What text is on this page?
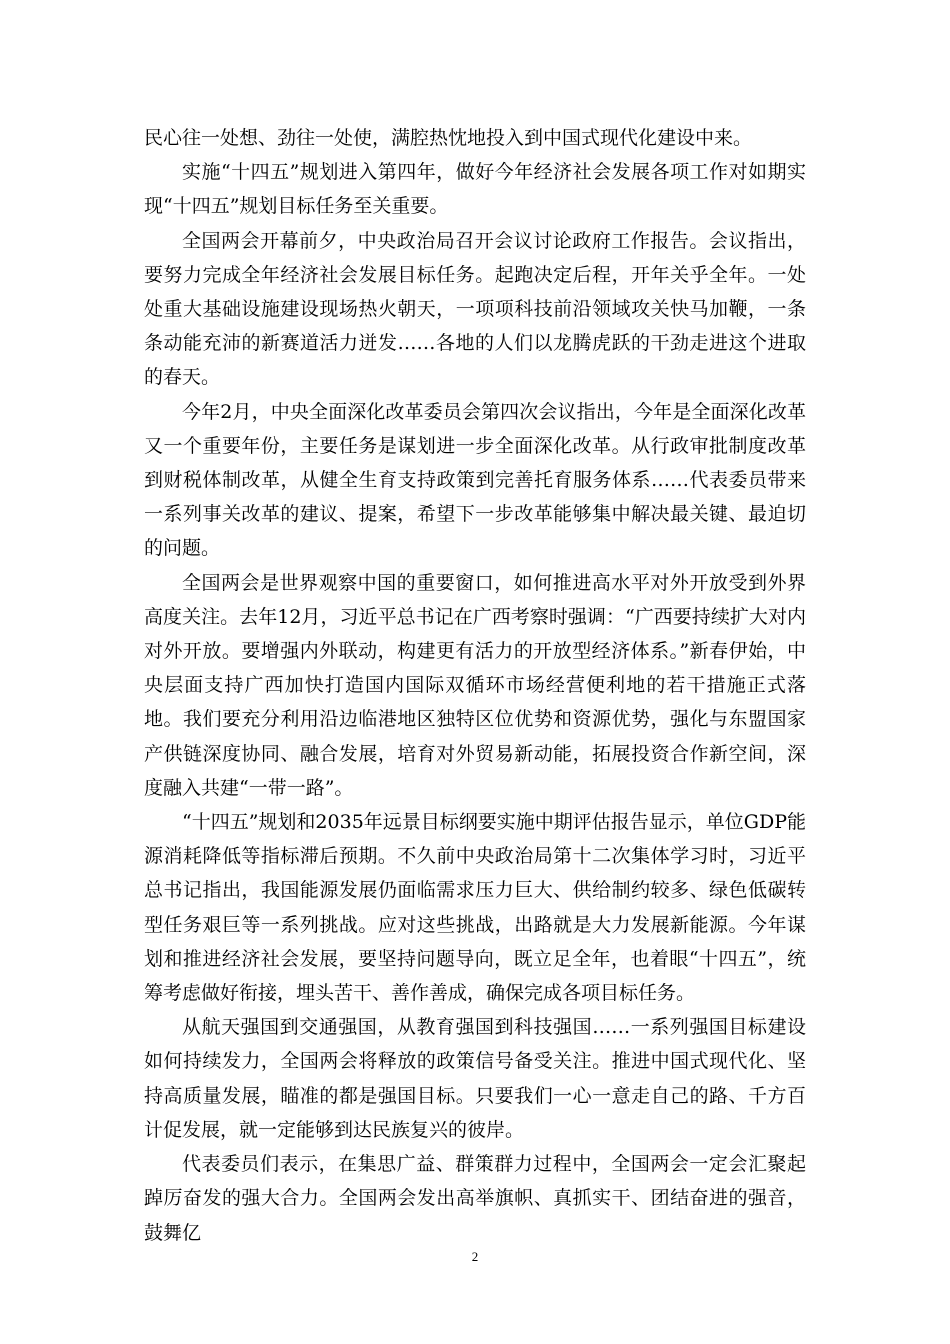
民心往一处想、劲往一处使，满腔热忱地投入到中国式现代化建设中来。

实施“十四五”规划进入第四年，做好今年经济社会发展各项工作对如期实现“十四五”规划目标任务至关重要。

全国两会开幕前夕，中央政治局召开会议讨论政府工作报告。会议指出，要努力完成全年经济社会发展目标任务。起跑决定后程，开年关乎全年。一处处重大基础设施建设现场热火朝天，一项项科技前沿领域攻关快马加鞭，一条条动能充沛的新赛道活力迸发……各地的人们以龙腾虎跃的干劲走进这个进取的春天。

今年2月，中央全面深化改革委员会第四次会议指出，今年是全面深化改革又一个重要年份，主要任务是谋划进一步全面深化改革。从行政审批制度改革到财税体制改革，从健全生育支持政策到完善托育服务体系……代表委员带来一系列事关改革的建议、提案，希望下一步改革能够集中解决最关键、最迫切的问题。

全国两会是世界观察中国的重要窗口，如何推进高水平对外开放受到外界高度关注。去年12月，习近平总书记在广西考察时强调：“广西要持续扩大对内对外开放。要增强内外联动，构建更有活力的开放型经济体系。”新春伊始，中央层面支持广西加快打造国内国际双循环市场经营便利地的若干措施正式落地。我们要充分利用沿边临港地区独特区位优势和资源优势，强化与东盟国家产供链深度协同、融合发展，培育对外贸易新动能，拓展投资合作新空间，深度融入共建“一带一路”。

“十四五”规划和2035年远景目标纲要实施中期评估报告显示，单位GDP能源消耗降低等指标滞后预期。不久前中央政治局第十二次集体学习时，习近平总书记指出，我国能源发展仍面临需求压力巨大、供给制约较多、绿色低碳转型任务艰巨等一系列挑战。应对这些挑战，出路就是大力发展新能源。今年谋划和推进经济社会发展，要坚持问题导向，既立足全年，也着眼“十四五”，统筹考虑做好衔接，埋头苦干、善作善成，确保完成各项目标任务。

从航天强国到交通强国，从教育强国到科技强国……一系列强国目标建设如何持续发力，全国两会将释放的政策信号备受关注。推进中国式现代化、坚持高质量发展，瞄准的都是强国目标。只要我们一心一意走自己的路、千方百计促发展，就一定能够到达民族复兴的彼岸。

代表委员们表示，在集思广益、群策群力过程中，全国两会一定会汇聚起踔厉奋发的强大合力。全国两会发出高举旗帜、真抓实干、团结奋进的强音，鼓舞亿

2
